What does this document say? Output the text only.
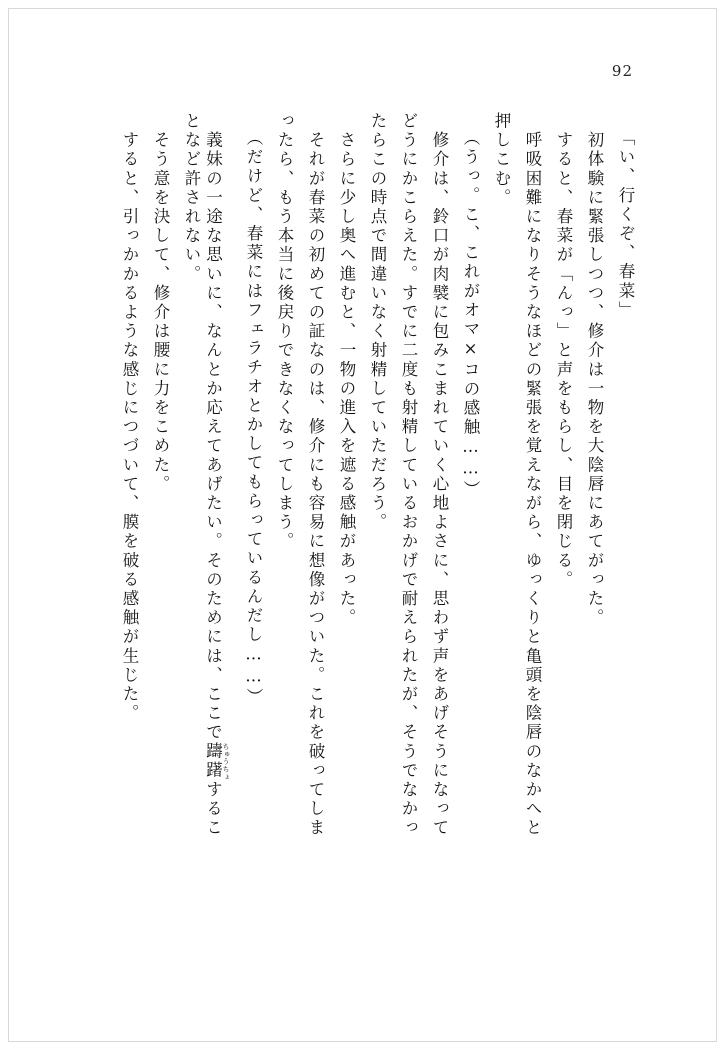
92
「い、行くぞ、春菜」
　初体験に緊張しつつ、修介は一物を大陰唇にあてがった。
　すると、春菜が「んっ」と声をもらし、目を閉じる。
　呼吸困難になりそうなほどの緊張を覚えながら、ゆっくりと亀頭を陰唇のなかへと
押しこむ。
（うっ。こ、これがオマ×コの感触……）
　修介は、鈴口が肉襞に包みこまれていく心地よさに、思わず声をあげそうになって
どうにかこらえた。すでに二度も射精しているおかげで耐えられたが、そうでなかっ
たらこの時点で間違いなく射精していただろう。
　さらに少し奥へ進むと、一物の進入を遮る感触があった。
　それが春菜の初めての証なのは、修介にも容易に想像がついた。これを破ってしま
ったら、もう本当に後戻りできなくなってしまう。
（だけど、春菜にはフェラチオとかしてもらっているんだし……）
　義妹の一途な思いに、なんとか応えてあげたい。そのためには、ここで躊躇 ちゅうちょするこ
となど許されない。
　そう意を決して、修介は腰に力をこめた。
　すると、引っかかるような感じにつづいて、膜を破る感触が生じた。
